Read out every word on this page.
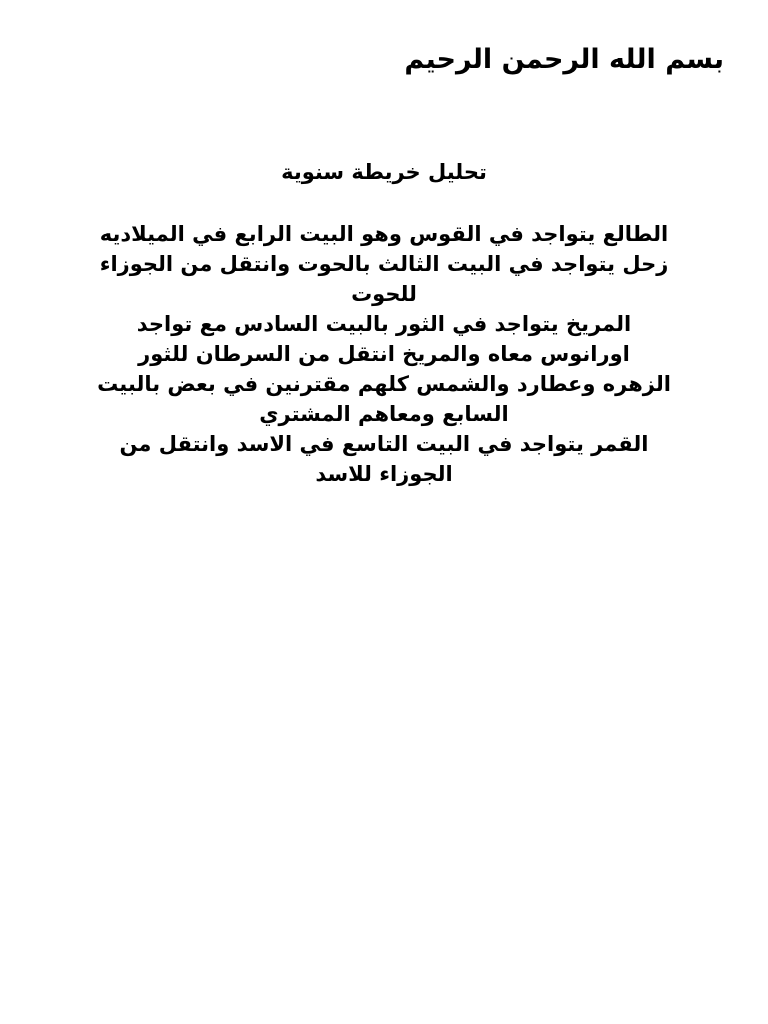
بسم الله الرحمن الرحيم
تحليل خريطة سنوية
الطالع يتواجد في القوس وهو البيت الرابع في الميلاديه
زحل يتواجد في البيت الثالث بالحوت وانتقل من الجوزاء
للحوت
المريخ يتواجد في الثور بالبيت السادس مع تواجد
اورانوس معاه والمريخ انتقل من السرطان للثور
الزهره وعطارد والشمس كلهم مقترنين في بعض بالبيت
السابع ومعاهم المشتري
القمر يتواجد في البيت التاسع في الاسد وانتقل من
الجوزاء للاسد
